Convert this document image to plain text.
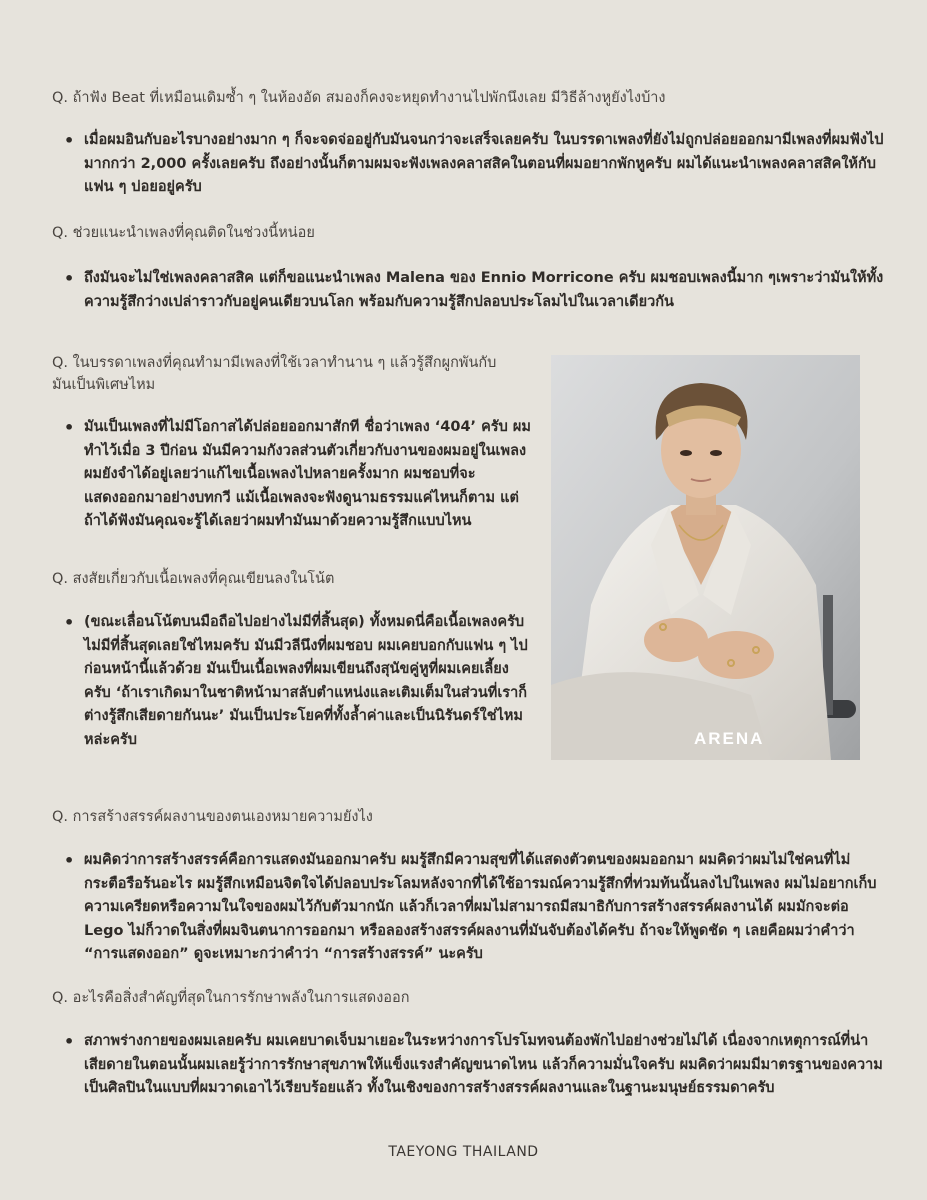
Q. ถ้าฟัง Beat ที่เหมือนเดิมซ้ำ ๆ ในห้องอัด สมองก็คงจะหยุดทำงานไปพักนึงเลย มีวิธีล้างหูยังไงบ้าง
• เมื่อผมอินกับอะไรบางอย่างมาก ๆ ก็จะจดจ่ออยู่กับมันจนกว่าจะเสร็จเลยครับ ในบรรดาเพลงที่ยังไม่ถูกปล่อยออกมามีเพลงที่ผมฟังไปมากกว่า 2,000 ครั้งเลยครับ ถึงอย่างนั้นก็ตามผมจะฟังเพลงคลาสสิคในตอนที่ผมอยากพักหูครับ ผมได้แนะนำเพลงคลาสสิคให้กับแฟน ๆ บ่อยอยู่ครับ
Q. ช่วยแนะนำเพลงที่คุณติดในช่วงนี้หน่อย
• ถึงมันจะไม่ใช่เพลงคลาสสิค แต่ก็ขอแนะนำเพลง Malena ของ Ennio Morricone ครับ ผมชอบเพลงนี้มาก ๆเพราะว่ามันให้ทั้งความรู้สึกว่างเปล่าราวกับอยู่คนเดียวบนโลก พร้อมกับความรู้สึกปลอบประโลมไปในเวลาเดียวกัน
Q. ในบรรดาเพลงที่คุณทำมามีเพลงที่ใช้เวลาทำนาน ๆ แล้วรู้สึกผูกพันกับมันเป็นพิเศษไหม
• มันเป็นเพลงที่ไม่มีโอกาสได้ปล่อยออกมาสักที ชื่อว่าเพลง ‘404’ ครับ ผมทำไว้เมื่อ 3 ปีก่อน มันมีความกังวลส่วนตัวเกี่ยวกับงานของผมอยู่ในเพลง ผมยังจำได้อยู่เลยว่าแก้ไขเนื้อเพลงไปหลายครั้งมาก ผมชอบที่จะแสดงออกมาอย่างบทกวี แม้เนื้อเพลงจะฟังดูนามธรรมแค่ไหนก็ตาม แต่ถ้าได้ฟังมันคุณจะรู้ได้เลยว่าผมทำมันมาด้วยความรู้สึกแบบไหน
Q. สงสัยเกี่ยวกับเนื้อเพลงที่คุณเขียนลงในโน้ต
• (ขณะเลื่อนโน้ตบนมือถือไปอย่างไม่มีที่สิ้นสุด) ทั้งหมดนี่คือเนื้อเพลงครับ ไม่มีที่สิ้นสุดเลยใช่ไหมครับ มันมีวลีนึงที่ผมชอบ ผมเคยบอกกับแฟน ๆ ไปก่อนหน้านี้แล้วด้วย มันเป็นเนื้อเพลงที่ผมเขียนถึงสุนัขคู่หูที่ผมเคยเลี้ยงครับ ‘ถ้าเราเกิดมาในชาติหน้ามาสลับตำแหน่งและเติมเต็มในส่วนที่เราก็ต่างรู้สึกเสียดายกันนะ’ มันเป็นประโยคที่ทั้งล้ำค่าและเป็นนิรันดร์ใช่ไหมหล่ะครับ	ARENA
Q. การสร้างสรรค์ผลงานของตนเองหมายความยังไง
• ผมคิดว่าการสร้างสรรค์คือการแสดงมันออกมาครับ ผมรู้สึกมีความสุขที่ได้แสดงตัวตนของผมออกมา ผมคิดว่าผมไม่ใช่คนที่ไม่กระตือรือร้นอะไร ผมรู้สึกเหมือนจิตใจได้ปลอบประโลมหลังจากที่ได้ใช้อารมณ์ความรู้สึกที่ท่วมท้นนั้นลงไปในเพลง ผมไม่อยากเก็บความเครียดหรือความในใจของผมไว้กับตัวมากนัก แล้วก็เวลาที่ผมไม่สามารถมีสมาธิกับการสร้างสรรค์ผลงานได้ ผมมักจะต่อ Lego ไม่ก็วาดในสิ่งที่ผมจินตนาการออกมา หรือลองสร้างสรรค์ผลงานที่มันจับต้องได้ครับ ถ้าจะให้พูดชัด ๆ เลยคือผมว่าคำว่า “การแสดงออก” ดูจะเหมาะกว่าคำว่า “การสร้างสรรค์” นะครับ
Q. อะไรคือสิ่งสำคัญที่สุดในการรักษาพลังในการแสดงออก
• สภาพร่างกายของผมเลยครับ ผมเคยบาดเจ็บมาเยอะในระหว่างการโปรโมทจนต้องพักไปอย่างช่วยไม่ได้ เนื่องจากเหตุการณ์ที่น่าเสียดายในตอนนั้นผมเลยรู้ว่าการรักษาสุขภาพให้แข็งแรงสำคัญขนาดไหน แล้วก็ความมั่นใจครับ ผมคิดว่าผมมีมาตรฐานของความเป็นศิลปินในแบบที่ผมวาดเอาไว้เรียบร้อยแล้ว ทั้งในเชิงของการสร้างสรรค์ผลงานและในฐานะมนุษย์ธรรมดาครับ
TAEYONG THAILAND
